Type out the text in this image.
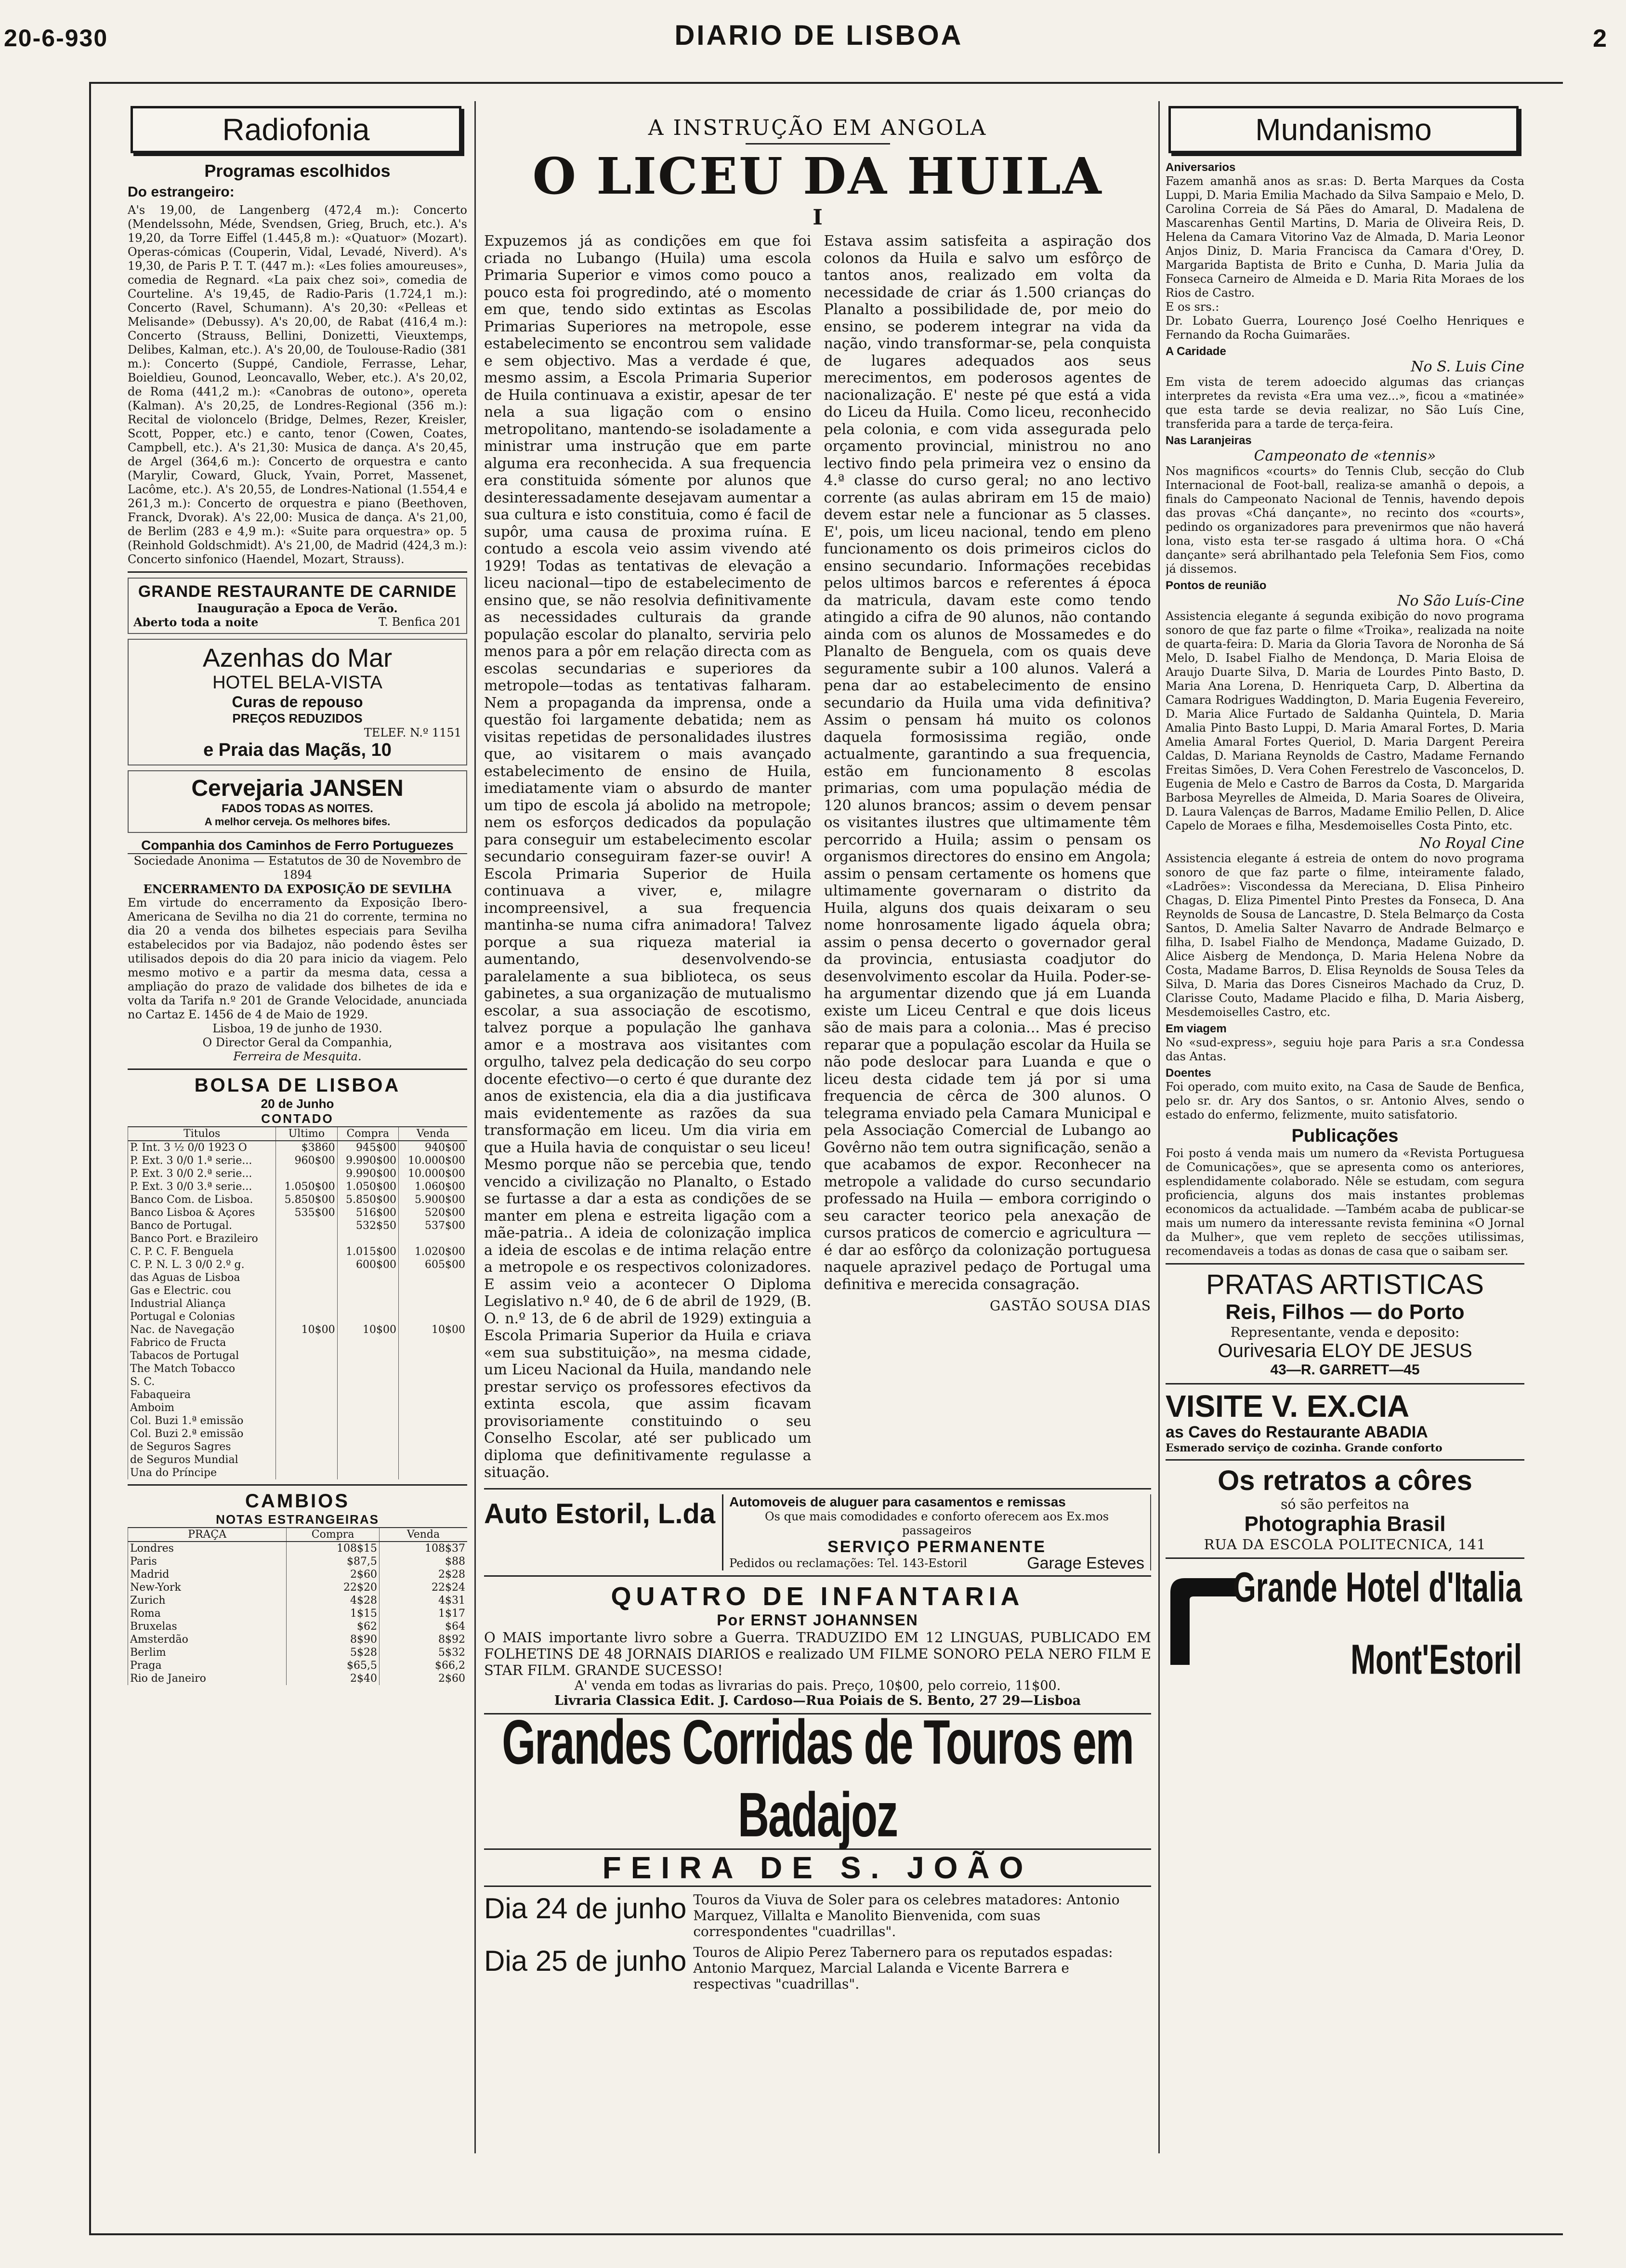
20-6-930	DIARIO DE LISBOA	2
Radiofonia
Programas escolhidos
Do estrangeiro:
A's 19,00, de Langenberg (472,4 m.): Concerto (Mendelssohn, Méde, Svendsen, Grieg, Bruch, etc.). A's 19,20, da Torre Eiffel (1.445,8 m.): «Quatuor» (Mozart). Operas-cómicas (Couperin, Vidal, Levadé, Niverd). A's 19,30, de Paris P. T. T. (447 m.): «Les folies amoureuses», comedia de Regnard. «La paix chez soi», comedia de Courteline. A's 19,45, de Radio-Paris (1.724,1 m.): Concerto (Ravel, Schumann). A's 20,30: «Pelleas et Melisande» (Debussy). A's 20,00, de Rabat (416,4 m.): Concerto (Strauss, Bellini, Donizetti, Vieuxtemps, Delibes, Kalman, etc.). A's 20,00, de Toulouse-Radio (381 m.): Concerto (Suppé, Candiole, Ferrasse, Lehar, Boieldieu, Gounod, Leoncavallo, Weber, etc.). A's 20,02, de Roma (441,2 m.): «Canobras de outono», opereta (Kalman). A's 20,25, de Londres-Regional (356 m.): Recital de violoncelo (Bridge, Delmes, Rezer, Kreisler, Scott, Popper, etc.) e canto, tenor (Cowen, Coates, Campbell, etc.). A's 21,30: Musica de dança. A's 20,45, de Argel (364,6 m.): Concerto de orquestra e canto (Marylir, Coward, Gluck, Yvain, Porret, Massenet, Lacôme, etc.). A's 20,55, de Londres-National (1.554,4 e 261,3 m.): Concerto de orquestra e piano (Beethoven, Franck, Dvorak). A's 22,00: Musica de dança. A's 21,00, de Berlim (283 e 4,9 m.): «Suite para orquestra» op. 5 (Reinhold Goldschmidt). A's 21,00, de Madrid (424,3 m.): Concerto sinfonico (Haendel, Mozart, Strauss).
GRANDE RESTAURANTE DE CARNIDE
Inauguração a Epoca de Verão.
Aberto toda a noite	T. Benfica 201
Azenhas do Mar
HOTEL BELA-VISTA
Curas de repouso
PREÇOS REDUZIDOS
TELEF. N.º 1151
e Praia das Maçãs, 10
Cervejaria JANSEN
FADOS TODAS AS NOITES.
A melhor cerveja. Os melhores bifes.
Companhia dos Caminhos de Ferro Portuguezes
Sociedade Anonima — Estatutos de 30 de Novembro de 1894
ENCERRAMENTO DA EXPOSIÇÃO DE SEVILHA
Em virtude do encerramento da Exposição Ibero-Americana de Sevilha no dia 21 do corrente, termina no dia 20 a venda dos bilhetes especiais para Sevilha estabelecidos por via Badajoz, não podendo êstes ser utilisados depois do dia 20 para inicio da viagem. Pelo mesmo motivo e a partir da mesma data, cessa a ampliação do prazo de validade dos bilhetes de ida e volta da Tarifa n.º 201 de Grande Velocidade, anunciada no Cartaz E. 1456 de 4 de Maio de 1929.
Lisboa, 19 de junho de 1930.
O Director Geral da Companhia,
Ferreira de Mesquita.
BOLSA DE LISBOA
20 de Junho
CONTADO
Titulos	Ultimo	Compra	Venda
P. Int. 3 ½ 0/0 1923 O	$3860	945$00	940$00
P. Ext. 3 0/0 1.ª serie...	960$00	9.990$00	10.000$00
P. Ext. 3 0/0 2.ª serie...		9.990$00	10.000$00
P. Ext. 3 0/0 3.ª serie...	1.050$00	1.050$00	1.060$00
Banco Com. de Lisboa.	5.850$00	5.850$00	5.900$00
Banco Lisboa & Açores	535$00	516$00	520$00
Banco de Portugal.		532$50	537$00
Banco Port. e Brazileiro			
C. P. C. F. Benguela		1.015$00	1.020$00
C. P. N. L. 3 0/0 2.º g.		600$00	605$00
das Aguas de Lisboa			
Gas e Electric. cou			
Industrial Aliança			
Portugal e Colonias			
Nac. de Navegação	10$00	10$00	10$00
Fabrico de Fructa			
Tabacos de Portugal			
The Match Tobacco			
S. C.			
Fabaqueira			
Amboim			
Col. Buzi 1.ª emissão			
Col. Buzi 2.ª emissão			
de Seguros Sagres			
de Seguros Mundial			
Una do Príncipe			
CAMBIOS
NOTAS ESTRANGEIRAS
PRAÇA	Compra	Venda
Londres	108$15	108$37
Paris	$87,5	$88
Madrid	2$60	2$28
New-York	22$20	22$24
Zurich	4$28	4$31
Roma	1$15	1$17
Bruxelas	$62	$64
Amsterdão	8$90	8$92
Berlim	5$28	5$32
Praga	$65,5	$66,2
Rio de Janeiro	2$40	2$60
A INSTRUÇÃO EM ANGOLA
O LICEU DA HUILA
I
Expuzemos já as condições em que foi criada no Lubango (Huila) uma escola Primaria Superior e vimos como pouco a pouco esta foi progredindo, até o momento em que, tendo sido extintas as Escolas Primarias Superiores na metropole, esse estabelecimento se encontrou sem validade e sem objectivo. Mas a verdade é que, mesmo assim, a Escola Primaria Superior de Huila continuava a existir, apesar de ter nela a sua ligação com o ensino metropolitano, mantendo-se isoladamente a ministrar uma instrução que em parte alguma era reconhecida. A sua frequencia era constituida sómente por alunos que desinteressadamente desejavam aumentar a sua cultura e isto constituia, como é facil de supôr, uma causa de proxima ruína. E contudo a escola veio assim vivendo até 1929! Todas as tentativas de elevação a liceu nacional—tipo de estabelecimento de ensino que, se não resolvia definitivamente as necessidades culturais da grande população escolar do planalto, serviria pelo menos para a pôr em relação directa com as escolas secundarias e superiores da metropole—todas as tentativas falharam. Nem a propaganda da imprensa, onde a questão foi largamente debatida; nem as visitas repetidas de personalidades ilustres que, ao visitarem o mais avançado estabelecimento de ensino de Huila, imediatamente viam o absurdo de manter um tipo de escola já abolido na metropole; nem os esforços dedicados da população para conseguir um estabelecimento escolar secundario conseguiram fazer-se ouvir! A Escola Primaria Superior de Huila continuava a viver, e, milagre incompreensivel, a sua frequencia mantinha-se numa cifra animadora! Talvez porque a sua riqueza material ia aumentando, desenvolvendo-se paralelamente a sua biblioteca, os seus gabinetes, a sua organização de mutualismo escolar, a sua associação de escotismo, talvez porque a população lhe ganhava amor e a mostrava aos visitantes com orgulho, talvez pela dedicação do seu corpo docente efectivo—o certo é que durante dez anos de existencia, ela dia a dia justificava mais evidentemente as razões da sua transformação em liceu. Um dia viria em que a Huila havia de conquistar o seu liceu! Mesmo porque não se percebia que, tendo vencido a civilização no Planalto, o Estado se furtasse a dar a esta as condições de se manter em plena e estreita ligação com a mãe-patria.. A ideia de colonização implica a ideia de escolas e de intima relação entre a metropole e os respectivos colonizadores. E assim veio a acontecer O Diploma Legislativo n.º 40, de 6 de abril de 1929, (B. O. n.º 13, de 6 de abril de 1929) extinguia a Escola Primaria Superior da Huila e criava «em sua substituição», na mesma cidade, um Liceu Nacional da Huila, mandando nele prestar serviço os professores efectivos da extinta escola, que assim ficavam provisoriamente constituindo o seu Conselho Escolar, até ser publicado um diploma que definitivamente regulasse a situação.
Estava assim satisfeita a aspiração dos colonos da Huila e salvo um esfôrço de tantos anos, realizado em volta da necessidade de criar ás 1.500 crianças do Planalto a possibilidade de, por meio do ensino, se poderem integrar na vida da nação, vindo transformar-se, pela conquista de lugares adequados aos seus merecimentos, em poderosos agentes de nacionalização. E' neste pé que está a vida do Liceu da Huila. Como liceu, reconhecido pela colonia, e com vida assegurada pelo orçamento provincial, ministrou no ano lectivo findo pela primeira vez o ensino da 4.ª classe do curso geral; no ano lectivo corrente (as aulas abriram em 15 de maio) devem estar nele a funcionar as 5 classes. E', pois, um liceu nacional, tendo em pleno funcionamento os dois primeiros ciclos do ensino secundario. Informações recebidas pelos ultimos barcos e referentes á época da matricula, davam este como tendo atingido a cifra de 90 alunos, não contando ainda com os alunos de Mossamedes e do Planalto de Benguela, com os quais deve seguramente subir a 100 alunos. Valerá a pena dar ao estabelecimento de ensino secundario da Huila uma vida definitiva? Assim o pensam há muito os colonos daquela formosissima região, onde actualmente, garantindo a sua frequencia, estão em funcionamento 8 escolas primarias, com uma população média de 120 alunos brancos; assim o devem pensar os visitantes ilustres que ultimamente têm percorrido a Huila; assim o pensam os organismos directores do ensino em Angola; assim o pensam certamente os homens que ultimamente governaram o distrito da Huila, alguns dos quais deixaram o seu nome honrosamente ligado áquela obra; assim o pensa decerto o governador geral da provincia, entusiasta coadjutor do desenvolvimento escolar da Huila. Poder-se-ha argumentar dizendo que já em Luanda existe um Liceu Central e que dois liceus são de mais para a colonia... Mas é preciso reparar que a população escolar da Huila se não pode deslocar para Luanda e que o liceu desta cidade tem já por si uma frequencia de cêrca de 300 alunos. O telegrama enviado pela Camara Municipal e pela Associação Comercial de Lubango ao Govêrno não tem outra significação, senão a que acabamos de expor. Reconhecer na metropole a validade do curso secundario professado na Huila — embora corrigindo o seu caracter teorico pela anexação de cursos praticos de comercio e agricultura — é dar ao esfôrço da colonização portuguesa naquele aprazivel pedaço de Portugal uma definitiva e merecida consagração.
GASTÃO SOUSA DIAS
Auto Estoril, L.da	Automoveis de aluguer para casamentos e remissas
Os que mais comodidades e conforto oferecem aos Ex.mos passageiros
SERVIÇO PERMANENTE
Pedidos ou reclamações: Tel. 143-Estoril	Garage Esteves
QUATRO DE INFANTARIA
Por ERNST JOHANNSEN
O MAIS importante livro sobre a Guerra. TRADUZIDO EM 12 LINGUAS, PUBLICADO EM FOLHETINS DE 48 JORNAIS DIARIOS e realizado UM FILME SONORO PELA NERO FILM E STAR FILM. GRANDE SUCESSO!
A' venda em todas as livrarias do pais. Preço, 10$00, pelo correio, 11$00.
Livraria Classica Edit. J. Cardoso—Rua Poiais de S. Bento, 27 29—Lisboa
Grandes Corridas de Touros em Badajoz
FEIRA DE S. JOÃO
Dia 24 de junho Touros da Viuva de Soler para os celebres matadores: Antonio Marquez, Villalta e Manolito Bienvenida, com suas correspondentes "cuadrillas".
Dia 25 de junho Touros de Alipio Perez Tabernero para os reputados espadas: Antonio Marquez, Marcial Lalanda e Vicente Barrera e respectivas "cuadrillas".
Mundanismo
Aniversarios
Fazem amanhã anos as sr.as: D. Berta Marques da Costa Luppi, D. Maria Emilia Machado da Silva Sampaio e Melo, D. Carolina Correia de Sá Pães do Amaral, D. Madalena de Mascarenhas Gentil Martins, D. Maria de Oliveira Reis, D. Helena da Camara Vitorino Vaz de Almada, D. Maria Leonor Anjos Diniz, D. Maria Francisca da Camara d'Orey, D. Margarida Baptista de Brito e Cunha, D. Maria Julia da Fonseca Carneiro de Almeida e D. Maria Rita Moraes de los Rios de Castro.
E os srs.:
Dr. Lobato Guerra, Lourenço José Coelho Henriques e Fernando da Rocha Guimarães.
A Caridade
No S. Luis Cine
Em vista de terem adoecido algumas das crianças interpretes da revista «Era uma vez...», ficou a «matinée» que esta tarde se devia realizar, no São Luís Cine, transferida para a tarde de terça-feira.
Nas Laranjeiras
Campeonato de «tennis»
Nos magnificos «courts» do Tennis Club, secção do Club Internacional de Foot-ball, realiza-se amanhã o depois, a finals do Campeonato Nacional de Tennis, havendo depois das provas «Chá dançante», no recinto dos «courts», pedindo os organizadores para prevenirmos que não haverá lona, visto esta ter-se rasgado á ultima hora. O «Chá dançante» será abrilhantado pela Telefonia Sem Fios, como já dissemos.
Pontos de reunião
No São Luís-Cine
Assistencia elegante á segunda exibição do novo programa sonoro de que faz parte o filme «Troika», realizada na noite de quarta-feira: D. Maria da Gloria Tavora de Noronha de Sá Melo, D. Isabel Fialho de Mendonça, D. Maria Eloisa de Araujo Duarte Silva, D. Maria de Lourdes Pinto Basto, D. Maria Ana Lorena, D. Henriqueta Carp, D. Albertina da Camara Rodrigues Waddington, D. Maria Eugenia Fevereiro, D. Maria Alice Furtado de Saldanha Quintela, D. Maria Amalia Pinto Basto Luppi, D. Maria Amaral Fortes, D. Maria Amelia Amaral Fortes Queriol, D. Maria Dargent Pereira Caldas, D. Mariana Reynolds de Castro, Madame Fernando Freitas Simões, D. Vera Cohen Ferestrelo de Vasconcelos, D. Eugenia de Melo e Castro de Barros da Costa, D. Margarida Barbosa Meyrelles de Almeida, D. Maria Soares de Oliveira, D. Laura Valenças de Barros, Madame Emilio Pellen, D. Alice Capelo de Moraes e filha, Mesdemoiselles Costa Pinto, etc.
No Royal Cine
Assistencia elegante á estreia de ontem do novo programa sonoro de que faz parte o filme, inteiramente falado, «Ladrões»: Viscondessa da Mereciana, D. Elisa Pinheiro Chagas, D. Eliza Pimentel Pinto Prestes da Fonseca, D. Ana Reynolds de Sousa de Lancastre, D. Stela Belmarço da Costa Santos, D. Amelia Salter Navarro de Andrade Belmarço e filha, D. Isabel Fialho de Mendonça, Madame Guizado, D. Alice Aisberg de Mendonça, D. Maria Helena Nobre da Costa, Madame Barros, D. Elisa Reynolds de Sousa Teles da Silva, D. Maria das Dores Cisneiros Machado da Cruz, D. Clarisse Couto, Madame Placido e filha, D. Maria Aisberg, Mesdemoiselles Castro, etc.
Em viagem
No «sud-express», seguiu hoje para Paris a sr.a Condessa das Antas.
Doentes
Foi operado, com muito exito, na Casa de Saude de Benfica, pelo sr. dr. Ary dos Santos, o sr. Antonio Alves, sendo o estado do enfermo, felizmente, muito satisfatorio.
Publicações
Foi posto á venda mais um numero da «Revista Portuguesa de Comunicações», que se apresenta como os anteriores, esplendidamente colaborado. Nêle se estudam, com segura proficiencia, alguns dos mais instantes problemas economicos da actualidade. —Também acaba de publicar-se mais um numero da interessante revista feminina «O Jornal da Mulher», que vem repleto de secções utilissimas, recomendaveis a todas as donas de casa que o saibam ser.
PRATAS ARTISTICAS
Reis, Filhos — do Porto
Representante, venda e deposito:
Ourivesaria ELOY DE JESUS
43—R. GARRETT—45
VISITE V. EX.CIA
as Caves do Restaurante ABADIA
Esmerado serviço de cozinha. Grande conforto
Os retratos a côres
só são perfeitos na
Photographia Brasil
RUA DA ESCOLA POLITECNICA, 141
Grande Hotel d'Italia
Mont'Estoril
